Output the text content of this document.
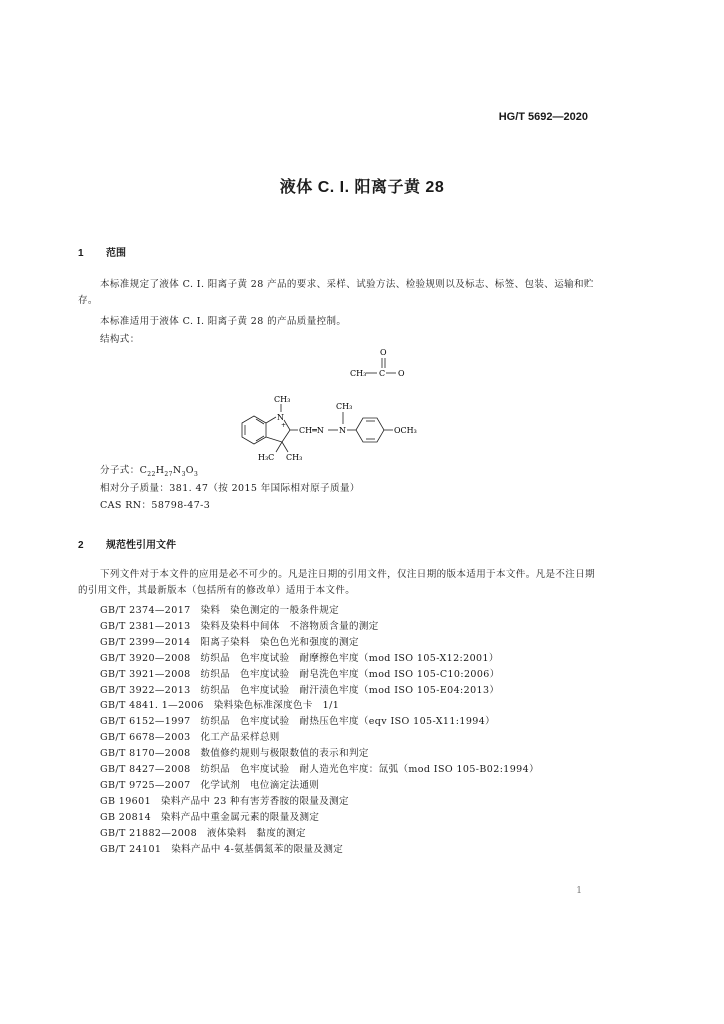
HG/T 5692—2020
液体 C. I. 阳离子黄 28
1 范围
本标准规定了液体 C. I. 阳离子黄 28 产品的要求、采样、试验方法、检验规则以及标志、标签、包装、运输和贮存。
本标准适用于液体 C. I. 阳离子黄 28 的产品质量控制。
结构式：
O
CH₃ C O
CH₃
N
+
H₃C CH₃
CH═N N
CH₃
OCH₃
分子式：$C_{22}H_{27}N_3O_3$
相对分子质量：381. 47（按 2015 年国际相对原子质量）
CAS RN：58798-47-3
2 规范性引用文件
下列文件对于本文件的应用是必不可少的。凡是注日期的引用文件，仅注日期的版本适用于本文件。凡是不注日期的引用文件，其最新版本（包括所有的修改单）适用于本文件。
GB/T 2374—2017　染料　染色测定的一般条件规定
GB/T 2381—2013　染料及染料中间体　不溶物质含量的测定
GB/T 2399—2014　阳离子染料　染色色光和强度的测定
GB/T 3920—2008　纺织品　色牢度试验　耐摩擦色牢度（mod ISO 105-X12:2001）
GB/T 3921—2008　纺织品　色牢度试验　耐皂洗色牢度（mod ISO 105-C10:2006）
GB/T 3922—2013　纺织品　色牢度试验　耐汗渍色牢度（mod ISO 105-E04:2013）
GB/T 4841. 1—2006　染料染色标准深度色卡　1/1
GB/T 6152—1997　纺织品　色牢度试验　耐热压色牢度（eqv ISO 105-X11:1994）
GB/T 6678—2003　化工产品采样总则
GB/T 8170—2008　数值修约规则与极限数值的表示和判定
GB/T 8427—2008　纺织品　色牢度试验　耐人造光色牢度：氙弧（mod ISO 105-B02:1994）
GB/T 9725—2007　化学试剂　电位滴定法通则
GB 19601　染料产品中 23 种有害芳香胺的限量及测定
GB 20814　染料产品中重金属元素的限量及测定
GB/T 21882—2008　液体染料　黏度的测定
GB/T 24101　染料产品中 4-氨基偶氮苯的限量及测定
1
